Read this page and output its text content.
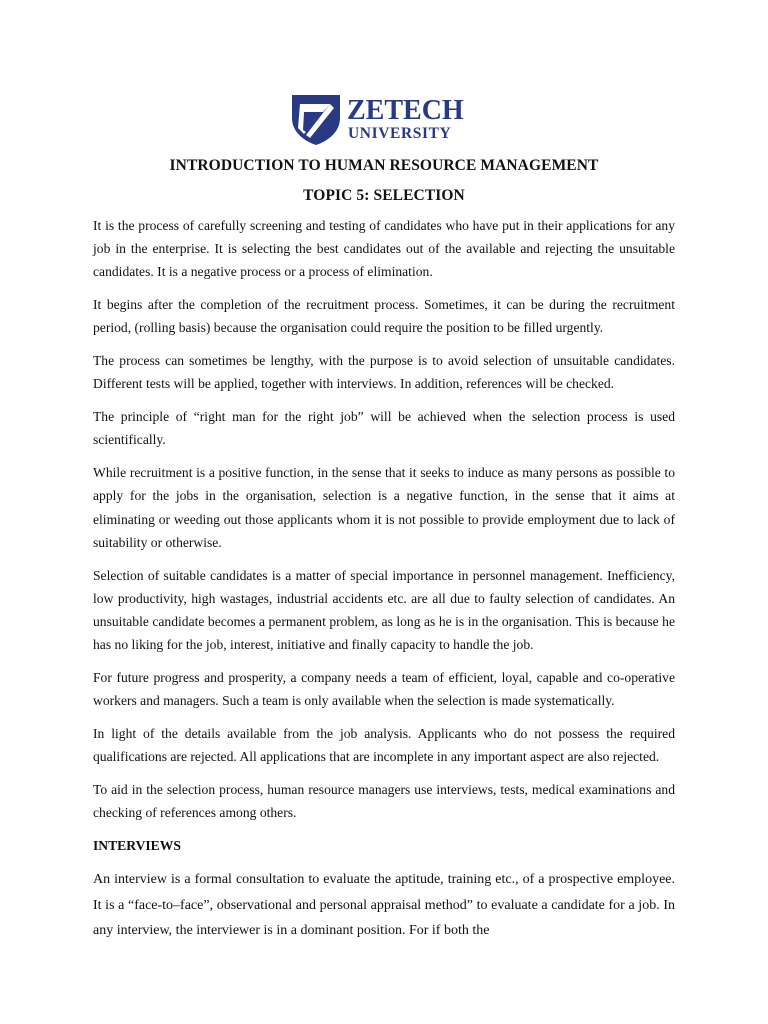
ZETECH
UNIVERSITY
INTRODUCTION TO HUMAN RESOURCE MANAGEMENT
TOPIC 5: SELECTION

It is the process of carefully screening and testing of candidates who have put in their applications for any job in the enterprise. It is selecting the best candidates out of the available and rejecting the unsuitable candidates. It is a negative process or a process of elimination.

It begins after the completion of the recruitment process. Sometimes, it can be during the recruitment period, (rolling basis) because the organisation could require the position to be filled urgently.

The process can sometimes be lengthy, with the purpose is to avoid selection of unsuitable candidates. Different tests will be applied, together with interviews. In addition, references will be checked.

The principle of “right man for the right job” will be achieved when the selection process is used scientifically.

While recruitment is a positive function, in the sense that it seeks to induce as many persons as possible to apply for the jobs in the organisation, selection is a negative function, in the sense that it aims at eliminating or weeding out those applicants whom it is not possible to provide employment due to lack of suitability or otherwise.

Selection of suitable candidates is a matter of special importance in personnel management. Inefficiency, low productivity, high wastages, industrial accidents etc. are all due to faulty selection of candidates. An unsuitable candidate becomes a permanent problem, as long as he is in the organisation. This is because he has no liking for the job, interest, initiative and finally capacity to handle the job.

For future progress and prosperity, a company needs a team of efficient, loyal, capable and co-operative workers and managers. Such a team is only available when the selection is made systematically.

In light of the details available from the job analysis. Applicants who do not possess the required qualifications are rejected. All applications that are incomplete in any important aspect are also rejected.

To aid in the selection process, human resource managers use interviews, tests, medical examinations and checking of references among others.

INTERVIEWS

An interview is a formal consultation to evaluate the aptitude, training etc., of a prospective employee. It is a “face-to–face”, observational and personal appraisal method” to evaluate a candidate for a job. In any interview, the interviewer is in a dominant position. For if both the
